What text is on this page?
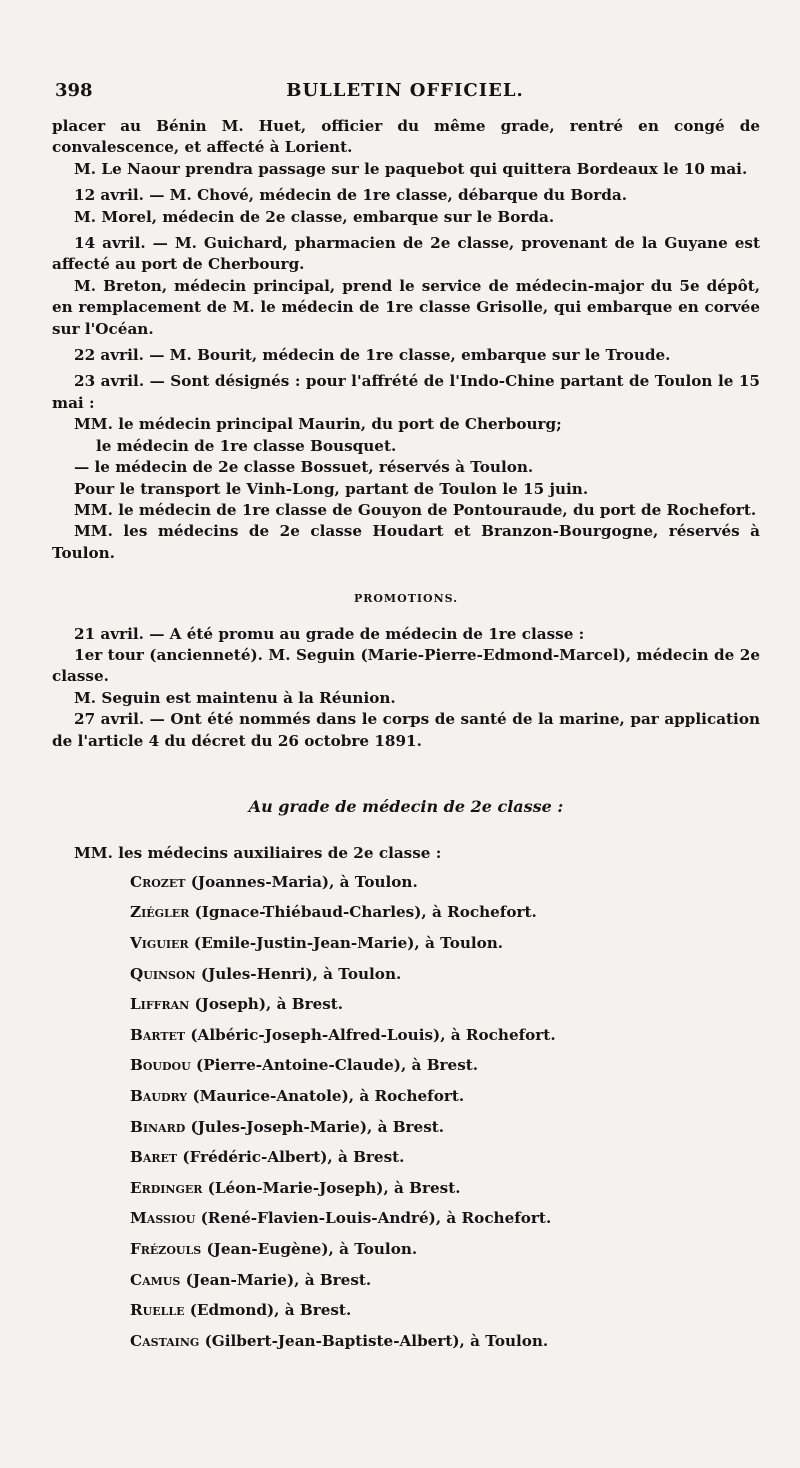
398	BULLETIN OFFICIEL.

placer au Bénin M. Huet, officier du même grade, rentré en congé de convalescence, et affecté à Lorient.

M. Le Naour prendra passage sur le paquebot qui quittera Bordeaux le 10 mai.

12 avril. — M. Chové, médecin de 1re classe, débarque du Borda.

M. Morel, médecin de 2e classe, embarque sur le Borda.

14 avril. — M. Guichard, pharmacien de 2e classe, provenant de la Guyane est affecté au port de Cherbourg.

M. Breton, médecin principal, prend le service de médecin-major du 5e dépôt, en remplacement de M. le médecin de 1re classe Grisolle, qui embarque en corvée sur l'Océan.

22 avril. — M. Bourit, médecin de 1re classe, embarque sur le Troude.

23 avril. — Sont désignés : pour l'affrété de l'Indo-Chine partant de Toulon le 15 mai :

MM. le médecin principal Maurin, du port de Cherbourg;

le médecin de 1re classe Bousquet.

— le médecin de 2e classe Bossuet, réservés à Toulon.

Pour le transport le Vinh-Long, partant de Toulon le 15 juin.

MM. le médecin de 1re classe de Gouyon de Pontouraude, du port de Rochefort.

MM. les médecins de 2e classe Houdart et Branzon-Bourgogne, réservés à Toulon.

PROMOTIONS.

21 avril. — A été promu au grade de médecin de 1re classe :

1er tour (ancienneté). M. Seguin (Marie-Pierre-Edmond-Marcel), médecin de 2e classe.

M. Seguin est maintenu à la Réunion.

27 avril. — Ont été nommés dans le corps de santé de la marine, par application de l'article 4 du décret du 26 octobre 1891.

Au grade de médecin de 2e classe :

MM. les médecins auxiliaires de 2e classe :

Crozet (Joannes-Maria), à Toulon.
Ziégler (Ignace-Thiébaud-Charles), à Rochefort.
Viguier (Emile-Justin-Jean-Marie), à Toulon.
Quinson (Jules-Henri), à Toulon.
Liffran (Joseph), à Brest.
Bartet (Albéric-Joseph-Alfred-Louis), à Rochefort.
Boudou (Pierre-Antoine-Claude), à Brest.
Baudry (Maurice-Anatole), à Rochefort.
Binard (Jules-Joseph-Marie), à Brest.
Baret (Frédéric-Albert), à Brest.
Erdinger (Léon-Marie-Joseph), à Brest.
Massiou (René-Flavien-Louis-André), à Rochefort.
Frézouls (Jean-Eugène), à Toulon.
Camus (Jean-Marie), à Brest.
Ruelle (Edmond), à Brest.
Castaing (Gilbert-Jean-Baptiste-Albert), à Toulon.
